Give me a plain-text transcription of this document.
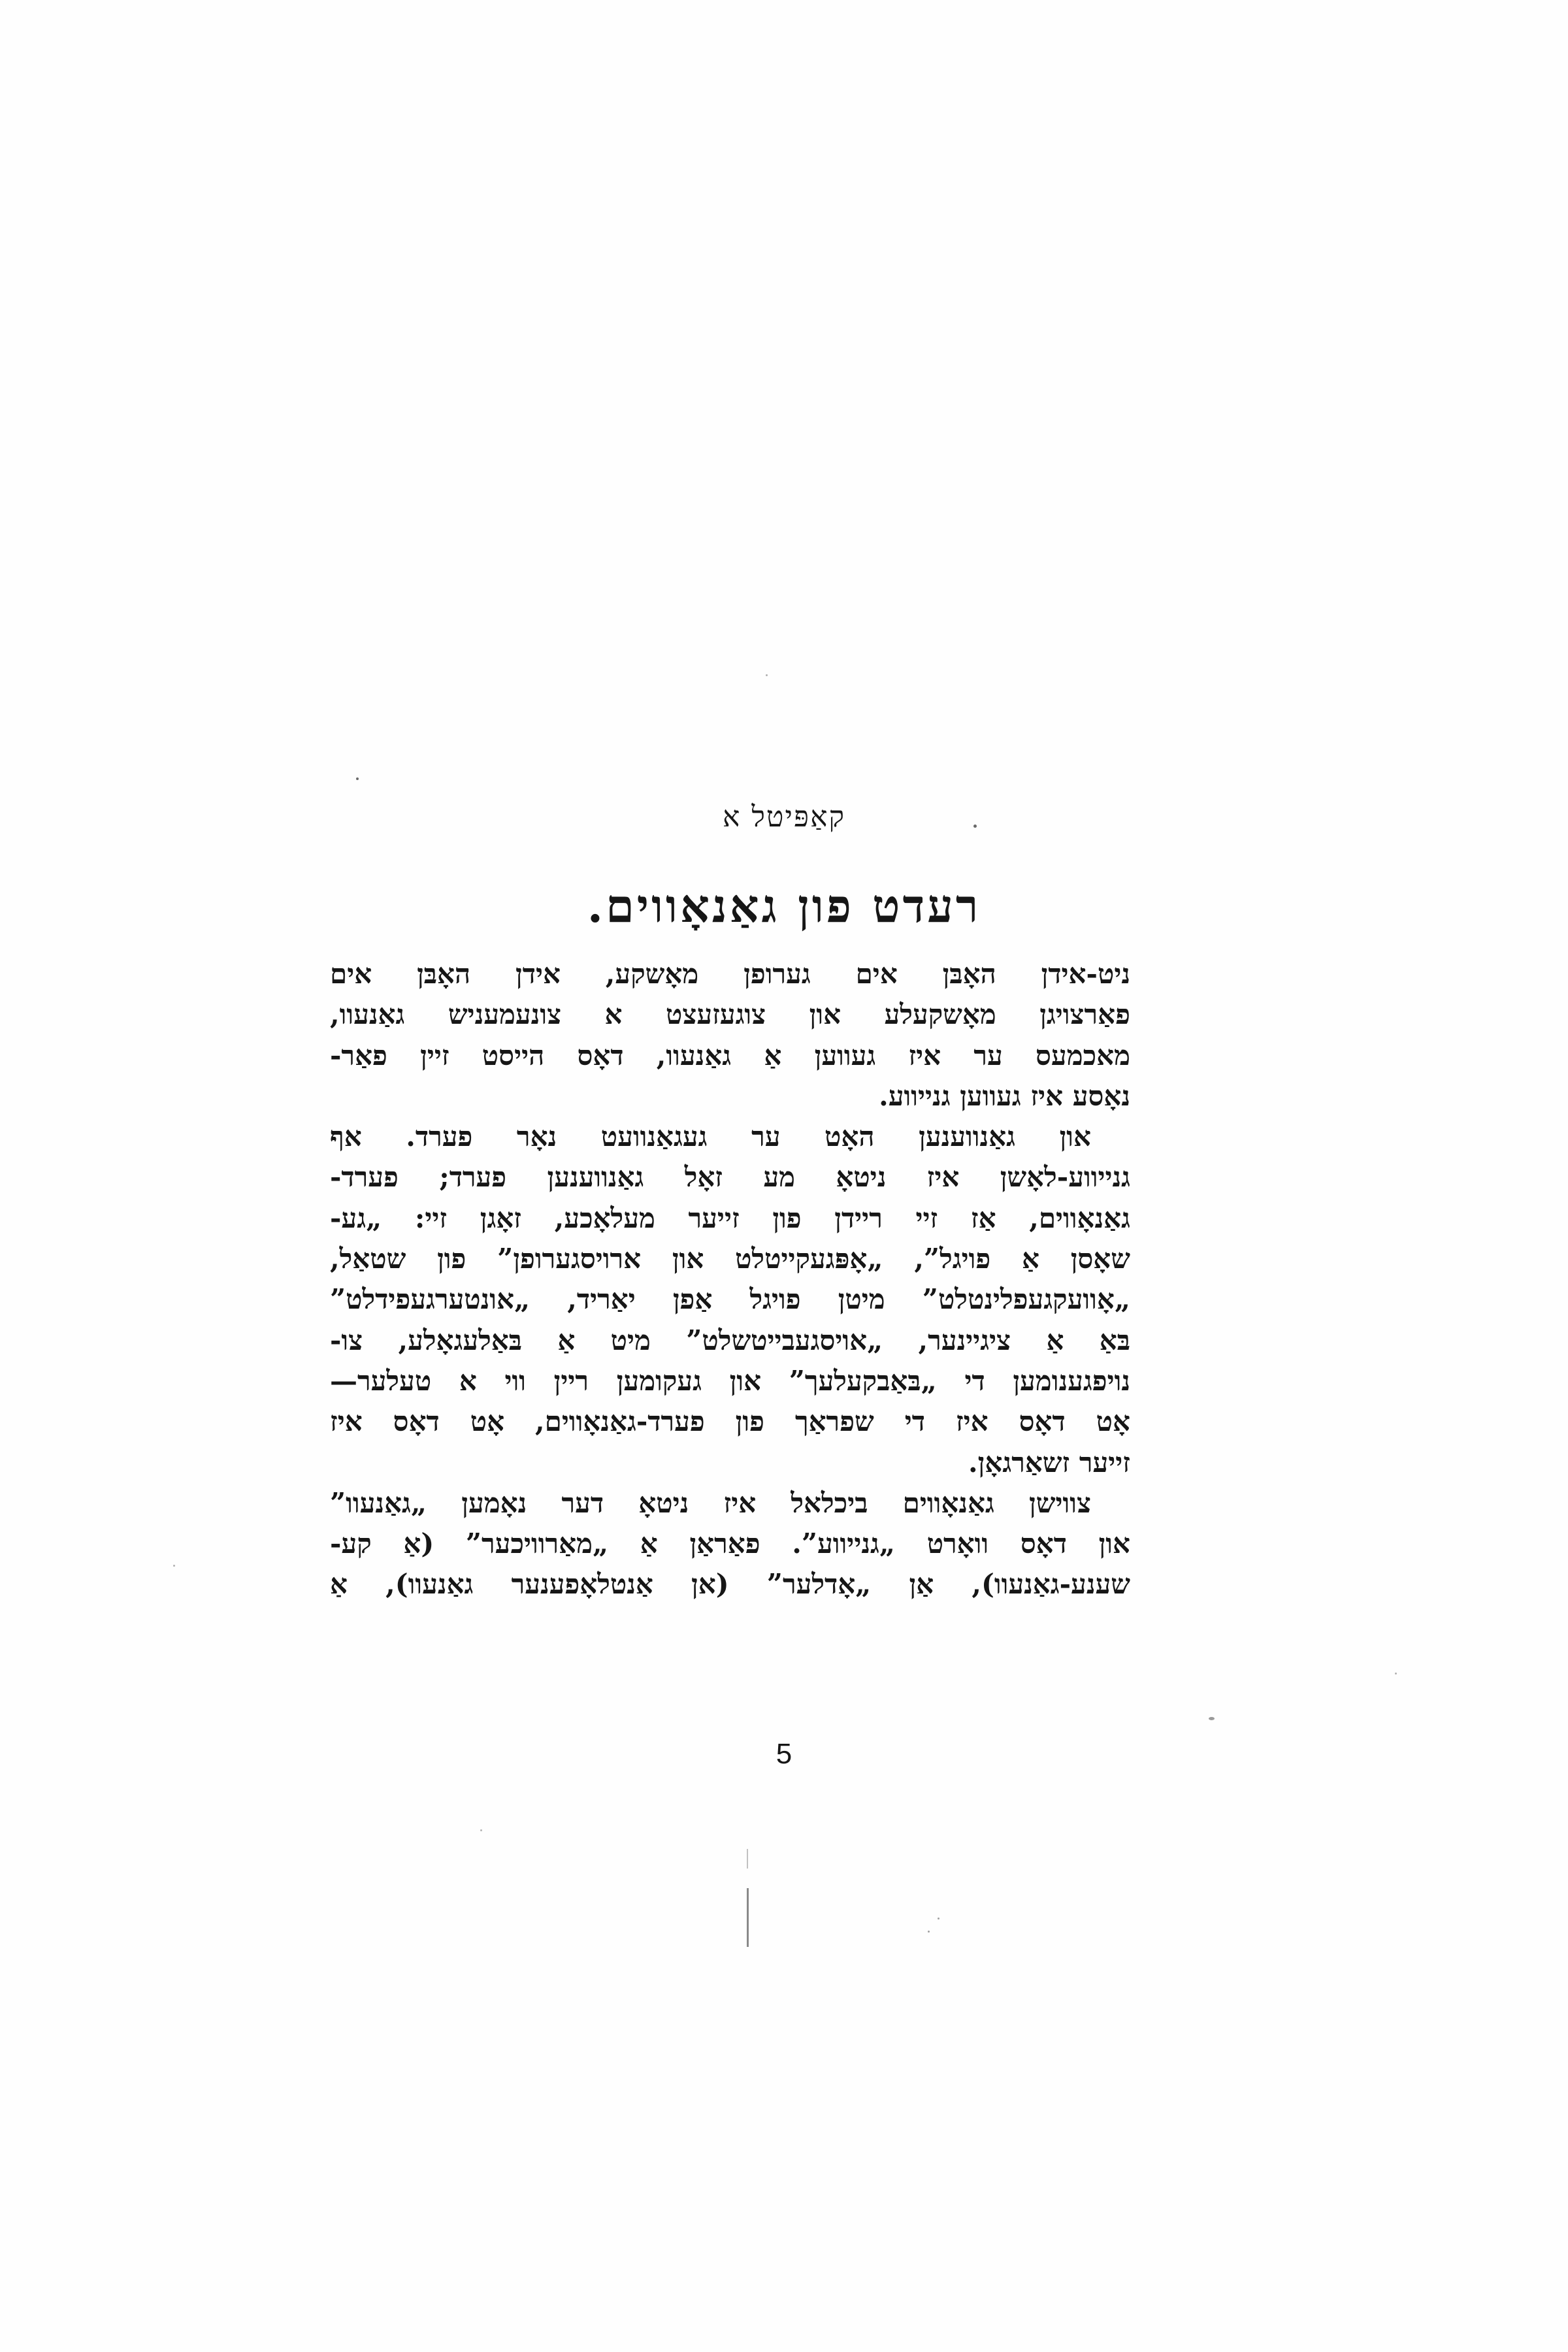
קאַפּיטל א
רעדט פון גאַנאָווים.
ניט-אידן האָבּן אים גערופן מאָשקע, אידן האָבּן אים
פאַרצויגן מאָשקעלע און צוגעזעצט א צונעמעניש גאַנעוו,
מאכמעס ער איז געווען אַ גאַנעוו, דאָס הייסט זיין פאַר-
נאָסע איז געווען גנייווע.
און גאַנווענען האָט ער געגאַנוועט נאָר פערד. אף
גנייווע-לאָשן איז ניטאָ מע זאָל גאַנווענען פערד; פערד-
גאַנאָווים, אַז זיי ריידן פון זייער מעלאָכע, זאָגן זיי: „גע-
שאָסן אַ פויגל”, „אָפּגעקייטלט און ארויסגערופן” פון שטאַל,
„אָוועקגעפלינטלט” מיטן פויגל אַפן יאַריד, „אונטערגעפידלט”
בּאַ אַ ציגיינער, „אויסגעבייטשלט” מיט אַ בּאַלעגאָלע, צו-
נויפגענומען די „בּאַבקעלעך” און געקומען ריין ווי א טעלער—
אָט דאָס איז די שפראַך פון פערד-גאַנאָווים, אָט דאָס איז
זייער זשאַרגאָן.
צווישן גאַנאָווים ביכלאל איז ניטאָ דער נאָמען „גאַנעוו”
און דאָס וואָרט „גנייווע”. פאַראַן אַ „מאַרוויכער” (אַ קע-
שענע-גאַנעוו), אַן „אָדלער” (אן אַנטלאָפענער גאַנעוו), אַ
5
